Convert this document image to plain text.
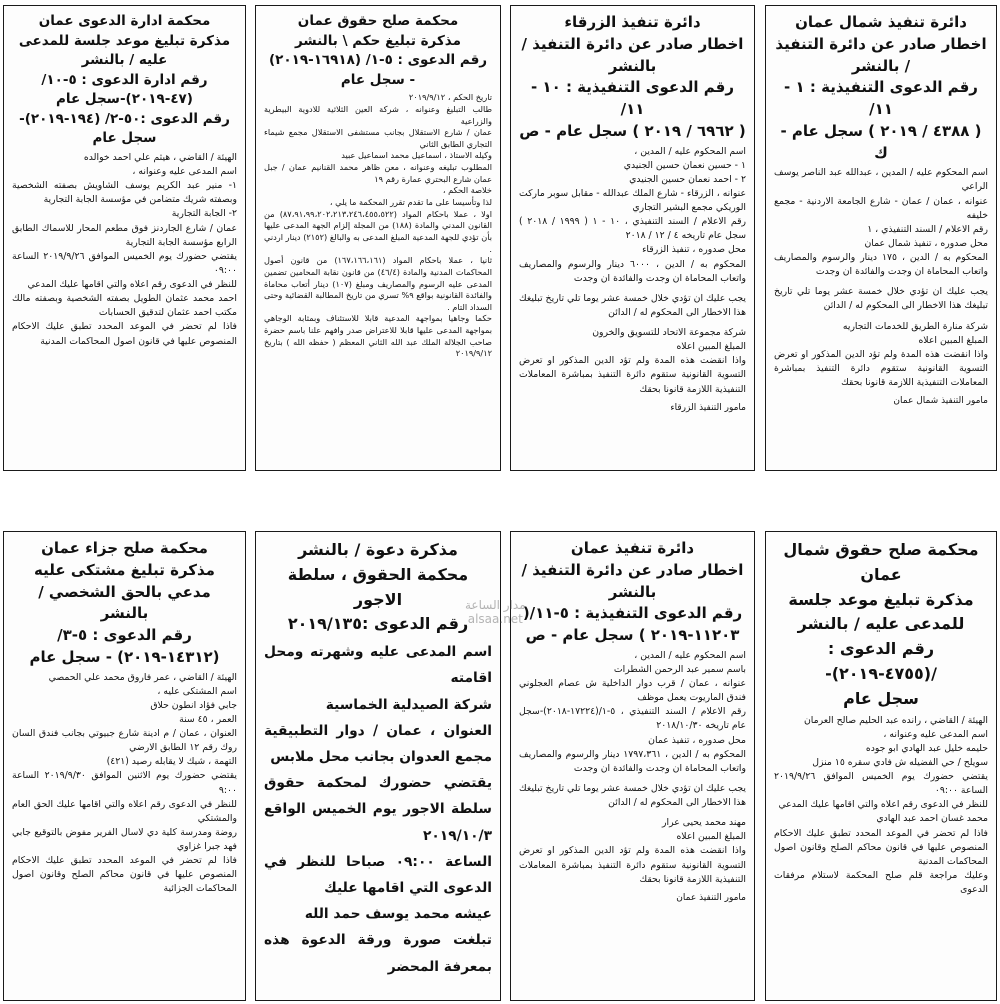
دائرة تنفيذ شمال عمان
اخطار صادر عن دائرة التنفيذ / بالنشر
رقم الدعوى التنفيذية : ١ - ١١/
( ٤٣٨٨ / ٢٠١٩ ) سجل عام - ك

اسم المحكوم عليه / المدين ، عبدالله عبد الناصر يوسف الراعي

عنوانه ، عمان / عمان - شارع الجامعة الاردنية - مجمع خليفه

رقم الاعلام / السند التنفيذي ، ١

محل صدوره ، تنفيذ شمال عمان

المحكوم به / الدين ، ١٧٥ دينار والرسوم والمصاريف واتعاب المحاماة ان وجدت والفائدة ان وجدت

يجب عليك ان تؤدي خلال خمسة عشر يوما تلي تاريخ تبليغك هذا الاخطار الى المحكوم له / الدائن

شركة منارة الطريق للخدمات التجاريه

المبلغ المبين اعلاه

واذا انقضت هذه المدة ولم تؤد الدين المذكور او تعرض التسوية القانونية ستقوم دائرة التنفيذ بمباشرة المعاملات التنفيذية اللازمة قانونا بحقك

مامور التنفيذ شمال عمان
دائرة تنفيذ الزرقاء
اخطار صادر عن دائرة التنفيذ / بالنشر
رقم الدعوى التنفيذية : ١٠ - ١١/
( ٦٩٦٢ / ٢٠١٩ ) سجل عام - ص

اسم المحكوم عليه / المدين ،

١ - حسين نعمان حسين الجنيدي

٢ - احمد نعمان حسين الجنيدي

عنوانه ، الزرقاء - شارع الملك عبدالله - مقابل سوبر ماركت الوريكي مجمع البشير التجاري

رقم الاعلام / السند التنفيذي ، ١٠ - ١ ( ١٩٩٩ / ٢٠١٨ ) سجل عام تاريخه ٤ / ١٢ / ٢٠١٨

محل صدوره ، تنفيذ الزرقاء

المحكوم به / الدين ، ٦٠٠٠ دينار والرسوم والمصاريف واتعاب المحاماة ان وجدت والفائدة ان وجدت

يجب عليك ان تؤدي خلال خمسة عشر يوما تلي تاريخ تبليغك هذا الاخطار الى المحكوم له / الدائن

شركة مجموعة الاتحاد للتسويق والخرون

المبلغ المبين اعلاه

واذا انقضت هذه المدة ولم تؤد الدين المذكور او تعرض التسوية القانونية ستقوم دائرة التنفيذ بمباشرة المعاملات التنفيذية اللازمة قانونا بحقك

مامور التنفيذ الزرقاء
محكمة صلح حقوق عمان
مذكرة تبليغ حكم \ بالنشر
رقم الدعوى : ٥-١/ (١٦٩١٨-٢٠١٩)
- سجل عام

تاريخ الحكم ، ٢٠١٩/٩/١٢

طالب التبليغ وعنوانه ، شركة العين الثلاثية للادوية البيطرية والزراعية

عمان / شارع الاستقلال بجانب مستشفى الاستقلال مجمع شيماء التجاري الطابق الثاني

وكيله الاستاذ ، اسماعيل محمد اسماعيل عبيد

المطلوب تبليغه وعنوانه ، معن ظاهر محمد القنانيم عمان / جبل عمان شارع البحتري عمارة رقم ١٩

خلاصة الحكم ،

لذا وتأسيسا على ما تقدم تقرر المحكمة ما يلي ،

اولا ، عملا باحكام المواد (٨٧،٩١،٩٩،٢٠٢،٢١٣،٢٤٦،٤٥٥،٥٢٢) من القانون المدني والمادة (١٨٨) من المجلة إلزام الجهة المدعى عليها بأن تؤدي للجهة المدعية المبلغ المدعى به والبالغ (٢١٥٢) دينار اردني .

ثانيا ، عملا باحكام المواد (١٦٧،١٦٦،١٦١) من قانون أصول المحاكمات المدنية والمادة (٤٦/٤) من قانون نقابة المحامين تضمين المدعى عليه الرسوم والمصاريف ومبلغ (١٠٧) دينار أتعاب محاماة والفائدة القانونية بواقع ٩% تسري من تاريخ المطالبة القضائية وحتى السداد التام .

حكما وجاهيا بمواجهة المدعية قابلا للاستئناف وبمثابة الوجاهي بمواجهة المدعى عليها قابلا للاعتراض صدر وافهم علنا باسم حضرة صاحب الجلالة الملك عبد الله الثاني المعظم ( حفظه الله ) بتاريخ ٢٠١٩/٩/١٢

محكمة ادارة الدعوى عمان
مذكرة تبليغ موعد جلسة للمدعى عليه / بالنشر
رقم ادارة الدعوى : ٥-١٠/
(٤٧-٢٠١٩)-سجل عام
رقم الدعوى :٥٠-٢/ (١٩٤-٢٠١٩)-
سجل عام

الهيئة / القاضي ، هيثم علي احمد خوالده

اسم المدعى عليه وعنوانه ،

١- منير عبد الكريم يوسف الشاويش بصفته الشخصية وبصفته شريك متضامن في مؤسسة الجابة التجارية

٢- الجابة التجارية

عمان / شارع الجاردنز فوق مطعم المحار للاسماك الطابق الرابع مؤسسة الجابة التجارية

يقتضي حضورك يوم الخميس الموافق ٢٠١٩/٩/٢٦ الساعة ٠٩:٠٠

للنظر في الدعوى رقم اعلاه والتي اقامها عليك المدعي

احمد محمد عثمان الطويل بصفته الشخصية وبصفته مالك مكتب احمد عثمان لتدقيق الحسابات

فاذا لم تحضر في الموعد المحدد تطبق عليك الاحكام المنصوص عليها في قانون اصول المحاكمات المدنية

محكمة صلح حقوق شمال عمان
مذكرة تبليغ موعد جلسة للمدعى عليه / بالنشر
رقم الدعوى : /(٤٧٥٥-٢٠١٩)-
سجل عام

الهيئة / القاضي ، رانده عبد الحليم صالح العرمان

اسم المدعى عليه وعنوانه ،

حليمه خليل عبد الهادي ابو جوده

سويلح / حي الفضيله ش فادي سقره ١٥ منزل

يقتضي حضورك يوم الخميس الموافق ٢٠١٩/٩/٢٦ الساعة ٠٩:٠٠

للنظر في الدعوى رقم اعلاه والتي اقامها عليك المدعي

محمد غسان احمد عبد الهادي

فاذا لم تحضر في الموعد المحدد تطبق عليك الاحكام المنصوص عليها في قانون محاكم الصلح وقانون اصول المحاكمات المدنية

وعليك مراجعة قلم صلح المحكمة لاستلام مرفقات الدعوى

دائرة تنفيذ عمان
اخطار صادر عن دائرة التنفيذ / بالنشر
رقم الدعوى التنفيذية : ٥-١١/(
١١٢٠٣-٢٠١٩ ) سجل عام - ص

اسم المحكوم عليه / المدين ،

باسم سمير عبد الرحمن الشطرات

عنوانه ، عمان / قرب دوار الداخلية ش عصام العجلوني فندق الماريوت يعمل موظف

رقم الاعلام / السند التنفيذي ، ٥-١/(١٧٢٢٤-٢٠١٨)-سجل عام تاريخه ٢٠١٨/١٠/٣٠

محل صدوره ، تنفيذ عمان

المحكوم به / الدين ، ١٧٩٧،٣٦١ دينار والرسوم والمصاريف واتعاب المحاماة ان وجدت والفائدة ان وجدت

يجب عليك ان تؤدي خلال خمسة عشر يوما تلي تاريخ تبليغك هذا الاخطار الى المحكوم له / الدائن

مهند محمد يحيى عرار

المبلغ المبين اعلاه

واذا انقضت هذه المدة ولم تؤد الدين المذكور او تعرض التسوية القانونية ستقوم دائرة التنفيذ بمباشرة المعاملات التنفيذية اللازمة قانونا بحقك

مامور التنفيذ عمان
مذكرة دعوة / بالنشر
محكمة الحقوق ، سلطة الاجور
رقم الدعوى :٢٠١٩/١٣٥

اسم المدعى عليه وشهرته ومحل اقامته

شركة الصيدلية الخماسية

العنوان ، عمان / دوار التطبيقية مجمع العدوان بجانب محل ملابس

يقتضي حضورك لمحكمة حقوق سلطة الاجور يوم الخميس الواقع ٢٠١٩/١٠/٣

الساعة ٠٩:٠٠ صباحا للنظر في الدعوى التي اقامها عليك

عيشه محمد يوسف حمد الله

تبلغت صورة ورقة الدعوة هذه بمعرفة المحضر

محكمة صلح جزاء عمان
مذكرة تبليغ مشتكى عليه مدعي بالحق الشخصي / بالنشر
رقم الدعوى : ٥-٣/
(١٤٣١٢-٢٠١٩) - سجل عام

الهيئة / القاضي ، عمر فاروق محمد علي الحمصي

اسم المشتكى عليه ،

جابي فؤاد انطون حلاق

العمر ، ٤٥ سنة

العنوان ، عمان / م ادينة شارع جبيوتي بجانب فندق السان روك رقم ١٢ الطابق الارضي

التهمة ، شيك لا يقابله رصيد (٤٢١)

يقتضي حضورك يوم الاثنين الموافق ٢٠١٩/٩/٣٠ الساعة ٩:٠٠

للنظر في الدعوى رقم اعلاه والتي اقامها عليك الحق العام والمشتكي

روضة ومدرسة كلية دي لاسال الفرير مفوض بالتوقيع جابي فهد جبرا غزاوي

فاذا لم تحضر في الموعد المحدد تطبق عليك الاحكام المنصوص عليها في قانون محاكم الصلح وقانون اصول المحاكمات الجزائية

مدار الساعة
alsaa.net
